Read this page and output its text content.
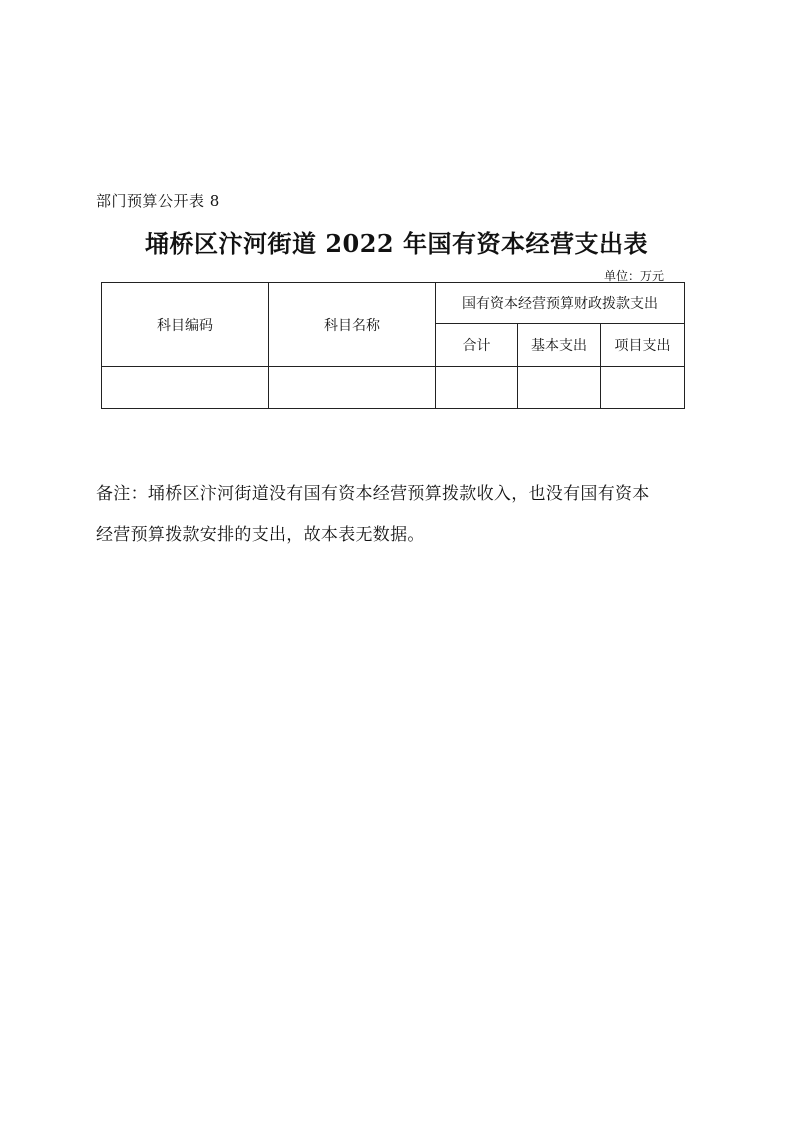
部门预算公开表 8
埇桥区汴河街道 2022 年国有资本经营支出表
单位：万元
科目编码	科目名称	国有资本经营预算财政拨款支出		
		合计	基本支出	项目支出

备注：埇桥区汴河街道没有国有资本经营预算拨款收入，也没有国有资本
经营预算拨款安排的支出，故本表无数据。
